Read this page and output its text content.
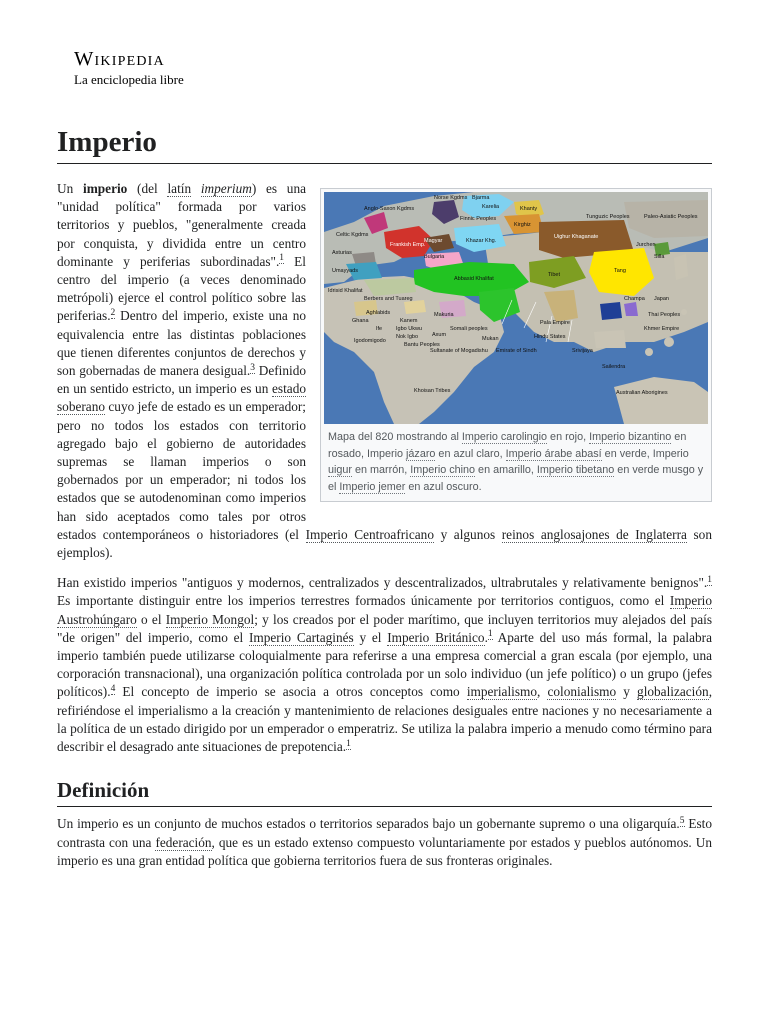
Wikipedia
La enciclopedia libre
Imperio
Norse Kgdms Bjarma
Karelia
Anglo-Saxon Kgdms
Finnic Peoples
Khanty
Tunguzic Peoples	Paleo-Asiatic Peoples
Celtic Kgdms
Kirghiz
Magyar
Uighur Khaganate
Frankish Emp.
Khazar Khg.
Jurchen
Silla
Asturias
Bulgaria
Abbasid Khalifat
Tibet
Tang
Umayyads
Japan
Idrisid Khalifat
Berbers and Tuareg
Aghlabids	Thai Peoples
Ghana	Kanem
Makuria
Ife	Igbo Ukwu
Pala Empire
Khmer Empire
Champa
Nok Igbo
Igodomigodo
Bantu Peoples
Somali peoples
Mukan	Hindu States
Sultanate of Mogadishu Emirate of Sindh	Srivijaya
Sailendra
Axum
Khoisan Tribes	Australian Aborigines
Mapa del 820 mostrando al Imperio carolingio en rojo, Imperio bizantino en rosado, Imperio jázaro en azul claro, Imperio árabe abasí en verde, Imperio uigur en marrón, Imperio chino en amarillo, Imperio tibetano en verde musgo y el Imperio jemer en azul oscuro.

Un imperio (del latín imperium) es una "unidad política" formada por varios territorios y pueblos, "generalmente creada por conquista, y dividida entre un centro dominante y periferias subordinadas".$^1$ El centro del imperio (a veces denominado metrópoli) ejerce el control político sobre las periferias.$^2$ Dentro del imperio, existe una no equivalencia entre las distintas poblaciones que tienen diferentes conjuntos de derechos y son gobernadas de manera desigual.$^3$ Definido en un sentido estricto, un imperio es un estado soberano cuyo jefe de estado es un emperador; pero no todos los estados con territorio agregado bajo el gobierno de autoridades supremas se llaman imperios o son gobernados por un emperador; ni todos los estados que se autodenominan como imperios han sido aceptados como tales por otros estados contemporáneos o historiadores (el Imperio Centroafricano y algunos reinos anglosajones de Inglaterra son ejemplos).

Han existido imperios "antiguos y modernos, centralizados y descentralizados, ultrabrutales y relativamente benignos".$^1$ Es importante distinguir entre los imperios terrestres formados únicamente por territorios contiguos, como el Imperio Austrohúngaro o el Imperio Mongol; y los creados por el poder marítimo, que incluyen territorios muy alejados del país "de origen" del imperio, como el Imperio Cartaginés y el Imperio Británico.$^1$ Aparte del uso más formal, la palabra imperio también puede utilizarse coloquialmente para referirse a una empresa comercial a gran escala (por ejemplo, una corporación transnacional), una organización política controlada por un solo individuo (un jefe político) o un grupo (jefes políticos).$^4$ El concepto de imperio se asocia a otros conceptos como imperialismo, colonialismo y globalización, refiriéndose el imperialismo a la creación y mantenimiento de relaciones desiguales entre naciones y no necesariamente a la política de un estado dirigido por un emperador o emperatriz. Se utiliza la palabra imperio a menudo como término para describir el desagrado ante situaciones de prepotencia.$^1$

Definición

Un imperio es un conjunto de muchos estados o territorios separados bajo un gobernante supremo o una oligarquía.$^5$ Esto contrasta con una federación, que es un estado extenso compuesto voluntariamente por estados y pueblos autónomos. Un imperio es una gran entidad política que gobierna territorios fuera de sus fronteras originales.
